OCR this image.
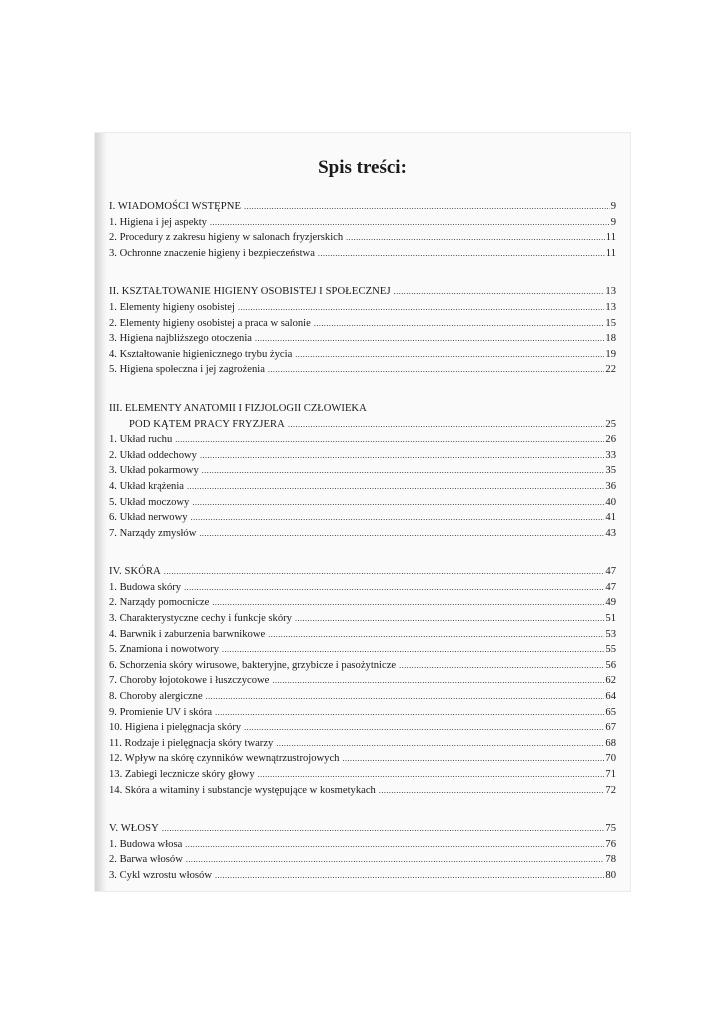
Spis treści:
I. WIADOMOŚCI WSTĘPNE .....	9
1. Higiena i jej aspekty .....	9
2. Procedury z zakresu higieny w salonach fryzjerskich .....	11
3. Ochronne znaczenie higieny i bezpieczeństwa .....	11
II. KSZTAŁTOWANIE HIGIENY OSOBISTEJ I SPOŁECZNEJ .....	13
1. Elementy higieny osobistej .....	13
2. Elementy higieny osobistej a praca w salonie .....	15
3. Higiena najbliższego otoczenia .....	18
4. Kształtowanie higienicznego trybu życia .....	19
5. Higiena społeczna i jej zagrożenia .....	22
III. ELEMENTY ANATOMII I FIZJOLOGII CZŁOWIEKA
POD KĄTEM PRACY FRYZJERA .....	25
1. Układ ruchu .....	26
2. Układ oddechowy .....	33
3. Układ pokarmowy .....	35
4. Układ krążenia .....	36
5. Układ moczowy .....	40
6. Układ nerwowy .....	41
7. Narządy zmysłów .....	43
IV. SKÓRA .....	47
1. Budowa skóry .....	47
2. Narządy pomocnicze .....	49
3. Charakterystyczne cechy i funkcje skóry .....	51
4. Barwnik i zaburzenia barwnikowe .....	53
5. Znamiona i nowotwory .....	55
6. Schorzenia skóry wirusowe, bakteryjne, grzybicze i pasożytnicze .....	56
7. Choroby łojotokowe i łuszczycowe .....	62
8. Choroby alergiczne .....	64
9. Promienie UV i skóra .....	65
10. Higiena i pielęgnacja skóry .....	67
11. Rodzaje i pielęgnacja skóry twarzy .....	68
12. Wpływ na skórę czynników wewnątrzustrojowych .....	70
13. Zabiegi lecznicze skóry głowy .....	71
14. Skóra a witaminy i substancje występujące w kosmetykach .....	72
V. WŁOSY .....	75
1. Budowa włosa .....	76
2. Barwa włosów .....	78
3. Cykl wzrostu włosów .....	80
